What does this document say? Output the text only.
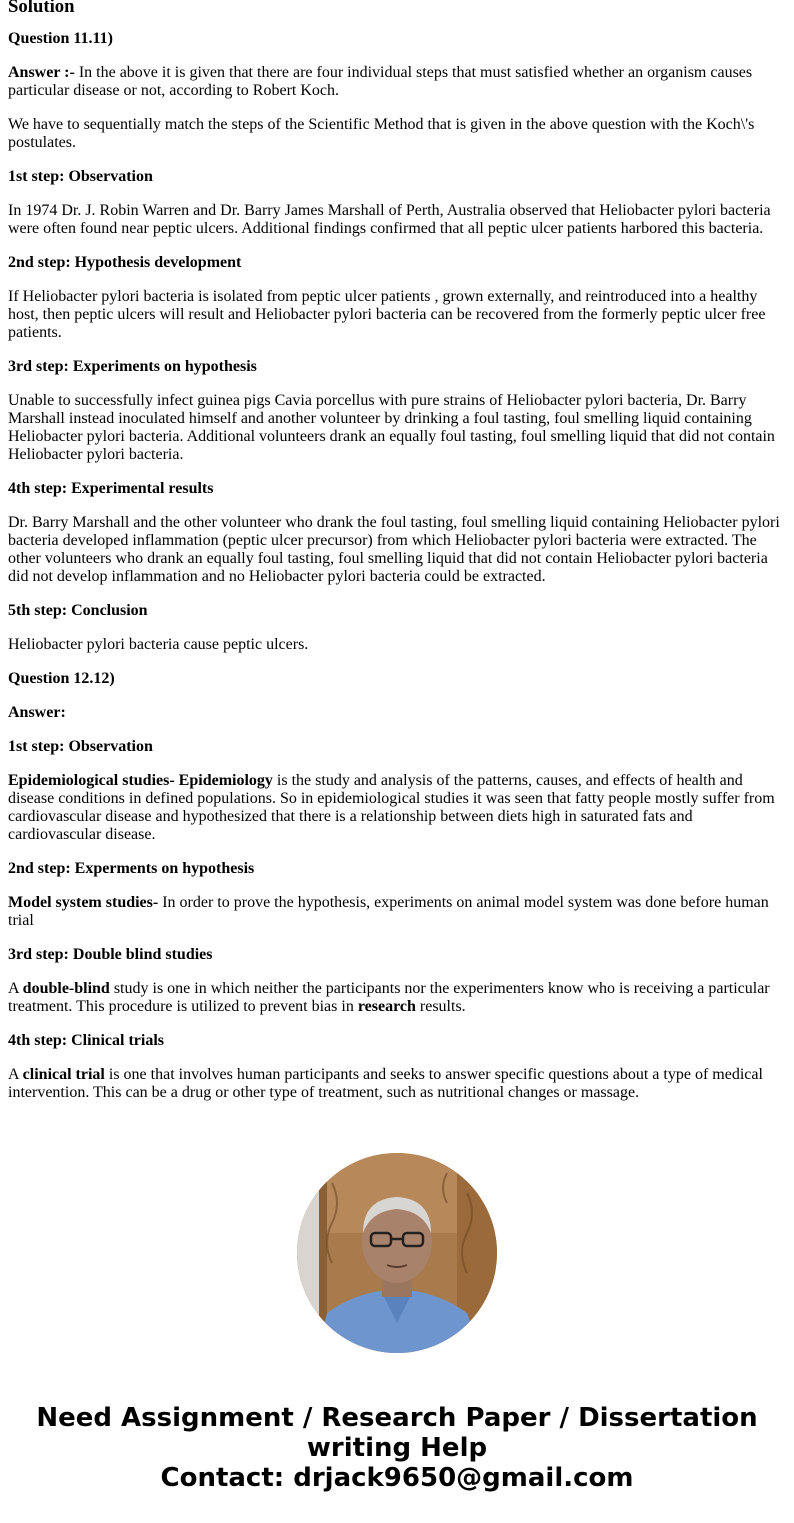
Solution

Question 11.11)

Answer :- In the above it is given that there are four individual steps that must satisfied whether an organism causes particular disease or not, according to Robert Koch.

We have to sequentially match the steps of the Scientific Method that is given in the above question with the Koch\'s postulates.

1st step: Observation

In 1974 Dr. J. Robin Warren and Dr. Barry James Marshall of Perth, Australia observed that Heliobacter pylori bacteria were often found near peptic ulcers. Additional findings confirmed that all peptic ulcer patients harbored this bacteria.

2nd step: Hypothesis development

If Heliobacter pylori bacteria is isolated from peptic ulcer patients , grown externally, and reintroduced into a healthy host, then peptic ulcers will result and Heliobacter pylori bacteria can be recovered from the formerly peptic ulcer free patients.

3rd step: Experiments on hypothesis

Unable to successfully infect guinea pigs Cavia porcellus with pure strains of Heliobacter pylori bacteria, Dr. Barry Marshall instead inoculated himself and another volunteer by drinking a foul tasting, foul smelling liquid containing Heliobacter pylori bacteria. Additional volunteers drank an equally foul tasting, foul smelling liquid that did not contain Heliobacter pylori bacteria.

4th step: Experimental results

Dr. Barry Marshall and the other volunteer who drank the foul tasting, foul smelling liquid containing Heliobacter pylori bacteria developed inflammation (peptic ulcer precursor) from which Heliobacter pylori bacteria were extracted. The other volunteers who drank an equally foul tasting, foul smelling liquid that did not contain Heliobacter pylori bacteria did not develop inflammation and no Heliobacter pylori bacteria could be extracted.

5th step: Conclusion

Heliobacter pylori bacteria cause peptic ulcers.

Question 12.12)

Answer:

1st step: Observation

Epidemiological studies- Epidemiology is the study and analysis of the patterns, causes, and effects of health and disease conditions in defined populations. So in epidemiological studies it was seen that fatty people mostly suffer from cardiovascular disease and hypothesized that there is a relationship between diets high in saturated fats and cardiovascular disease.

2nd step: Experments on hypothesis

Model system studies- In order to prove the hypothesis, experiments on animal model system was done before human trial

3rd step: Double blind studies

A double-blind study is one in which neither the participants nor the experimenters know who is receiving a particular treatment. This procedure is utilized to prevent bias in research results.

4th step: Clinical trials

A clinical trial is one that involves human participants and seeks to answer specific questions about a type of medical intervention. This can be a drug or other type of treatment, such as nutritional changes or massage.

Need Assignment / Research Paper / Dissertation
writing Help
Contact: drjack9650@gmail.com
